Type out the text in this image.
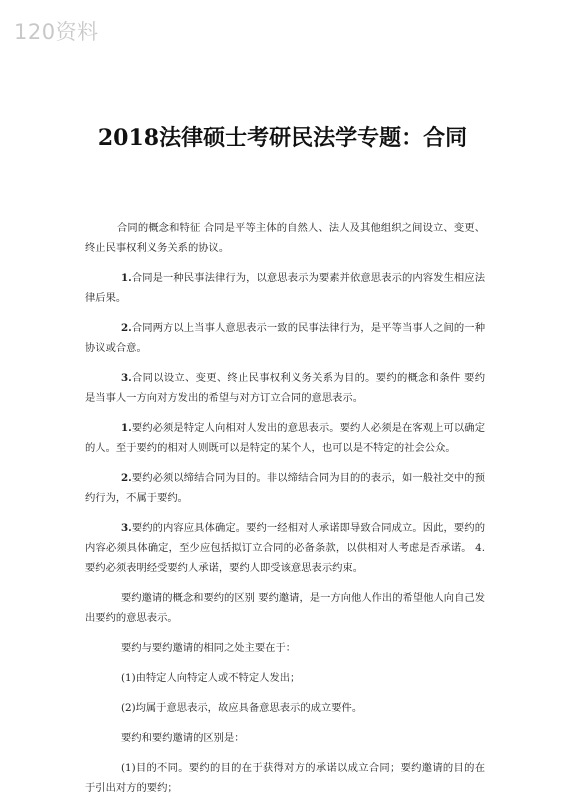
120资料
2018法律硕士考研民法学专题：合同

合同的概念和特征 合同是平等主体的自然人、法人及其他组织之间设立、变更、终止民事权利义务关系的协议。

1.合同是一种民事法律行为，以意思表示为要素并依意思表示的内容发生相应法律后果。

2.合同两方以上当事人意思表示一致的民事法律行为，是平等当事人之间的一种协议或合意。

3.合同以设立、变更、终止民事权利义务关系为目的。要约的概念和条件 要约是当事人一方向对方发出的希望与对方订立合同的意思表示。

1.要约必须是特定人向相对人发出的意思表示。要约人必须是在客观上可以确定的人。至于要约的相对人则既可以是特定的某个人，也可以是不特定的社会公众。

2.要约必须以缔结合同为目的。非以缔结合同为目的的表示，如一般社交中的预约行为，不属于要约。

3.要约的内容应具体确定。要约一经相对人承诺即导致合同成立。因此，要约的内容必须具体确定，至少应包括拟订立合同的必备条款，以供相对人考虑是否承诺。 4.要约必须表明经受要约人承诺，要约人即受该意思表示约束。

要约邀请的概念和要约的区别 要约邀请，是一方向他人作出的希望他人向自己发出要约的意思表示。

要约与要约邀请的相同之处主要在于：

(1)由特定人向特定人或不特定人发出；

(2)均属于意思表示，故应具备意思表示的成立要件。

要约和要约邀请的区别是：

(1)目的不同。要约的目的在于获得对方的承诺以成立合同；要约邀请的目的在于引出对方的要约；
